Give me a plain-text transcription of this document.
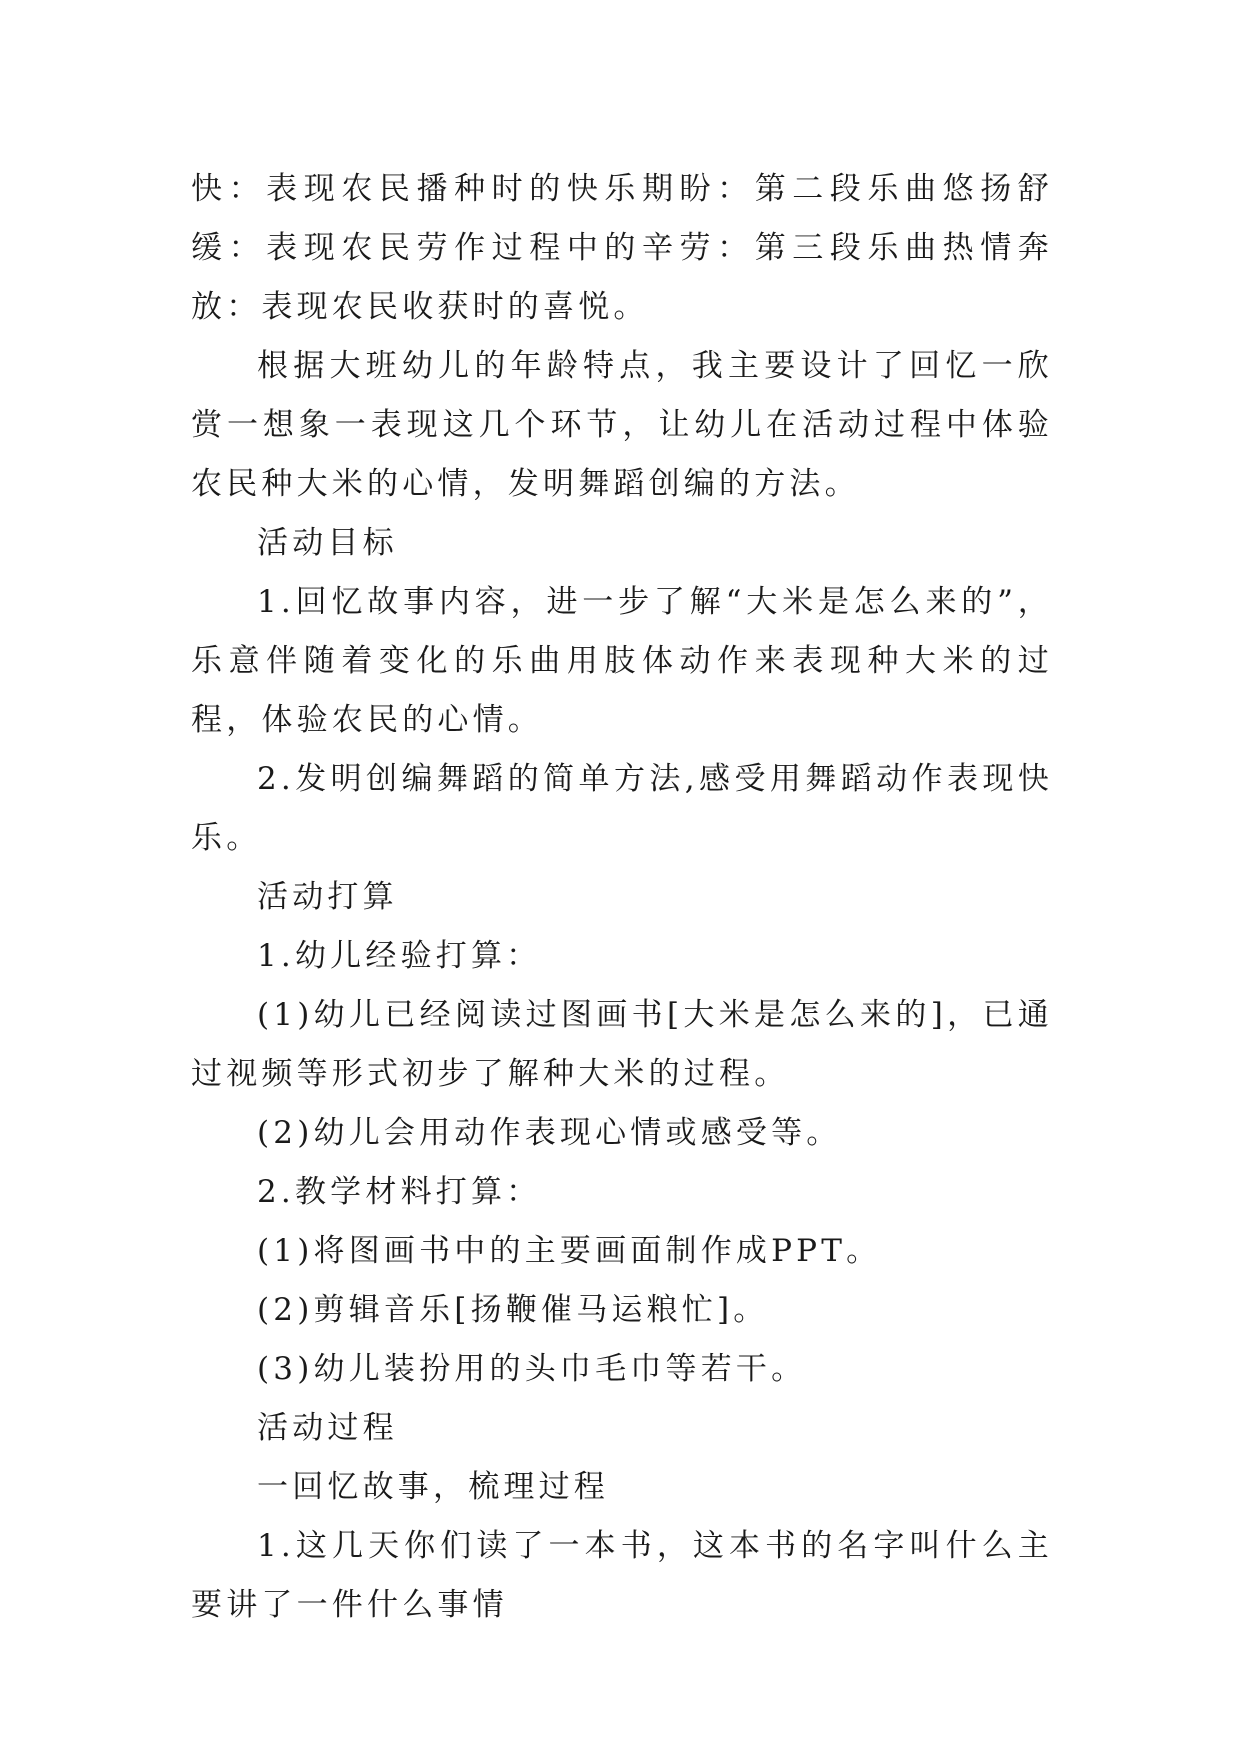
快：表现农民播种时的快乐期盼：第二段乐曲悠扬舒缓：表现农民劳作过程中的辛劳：第三段乐曲热情奔放：表现农民收获时的喜悦。

根据大班幼儿的年龄特点，我主要设计了回忆一欣赏一想象一表现这几个环节，让幼儿在活动过程中体验农民种大米的心情，发明舞蹈创编的方法。

活动目标

1.回忆故事内容，进一步了解“大米是怎么来的”，乐意伴随着变化的乐曲用肢体动作来表现种大米的过程，体验农民的心情。

2.发明创编舞蹈的简单方法,感受用舞蹈动作表现快乐。

活动打算

1.幼儿经验打算：

(1)幼儿已经阅读过图画书[大米是怎么来的]，已通过视频等形式初步了解种大米的过程。

(2)幼儿会用动作表现心情或感受等。

2.教学材料打算：

(1)将图画书中的主要画面制作成PPT。

(2)剪辑音乐[扬鞭催马运粮忙]。

(3)幼儿装扮用的头巾毛巾等若干。

活动过程

一回忆故事，梳理过程

1.这几天你们读了一本书，这本书的名字叫什么主要讲了一件什么事情
